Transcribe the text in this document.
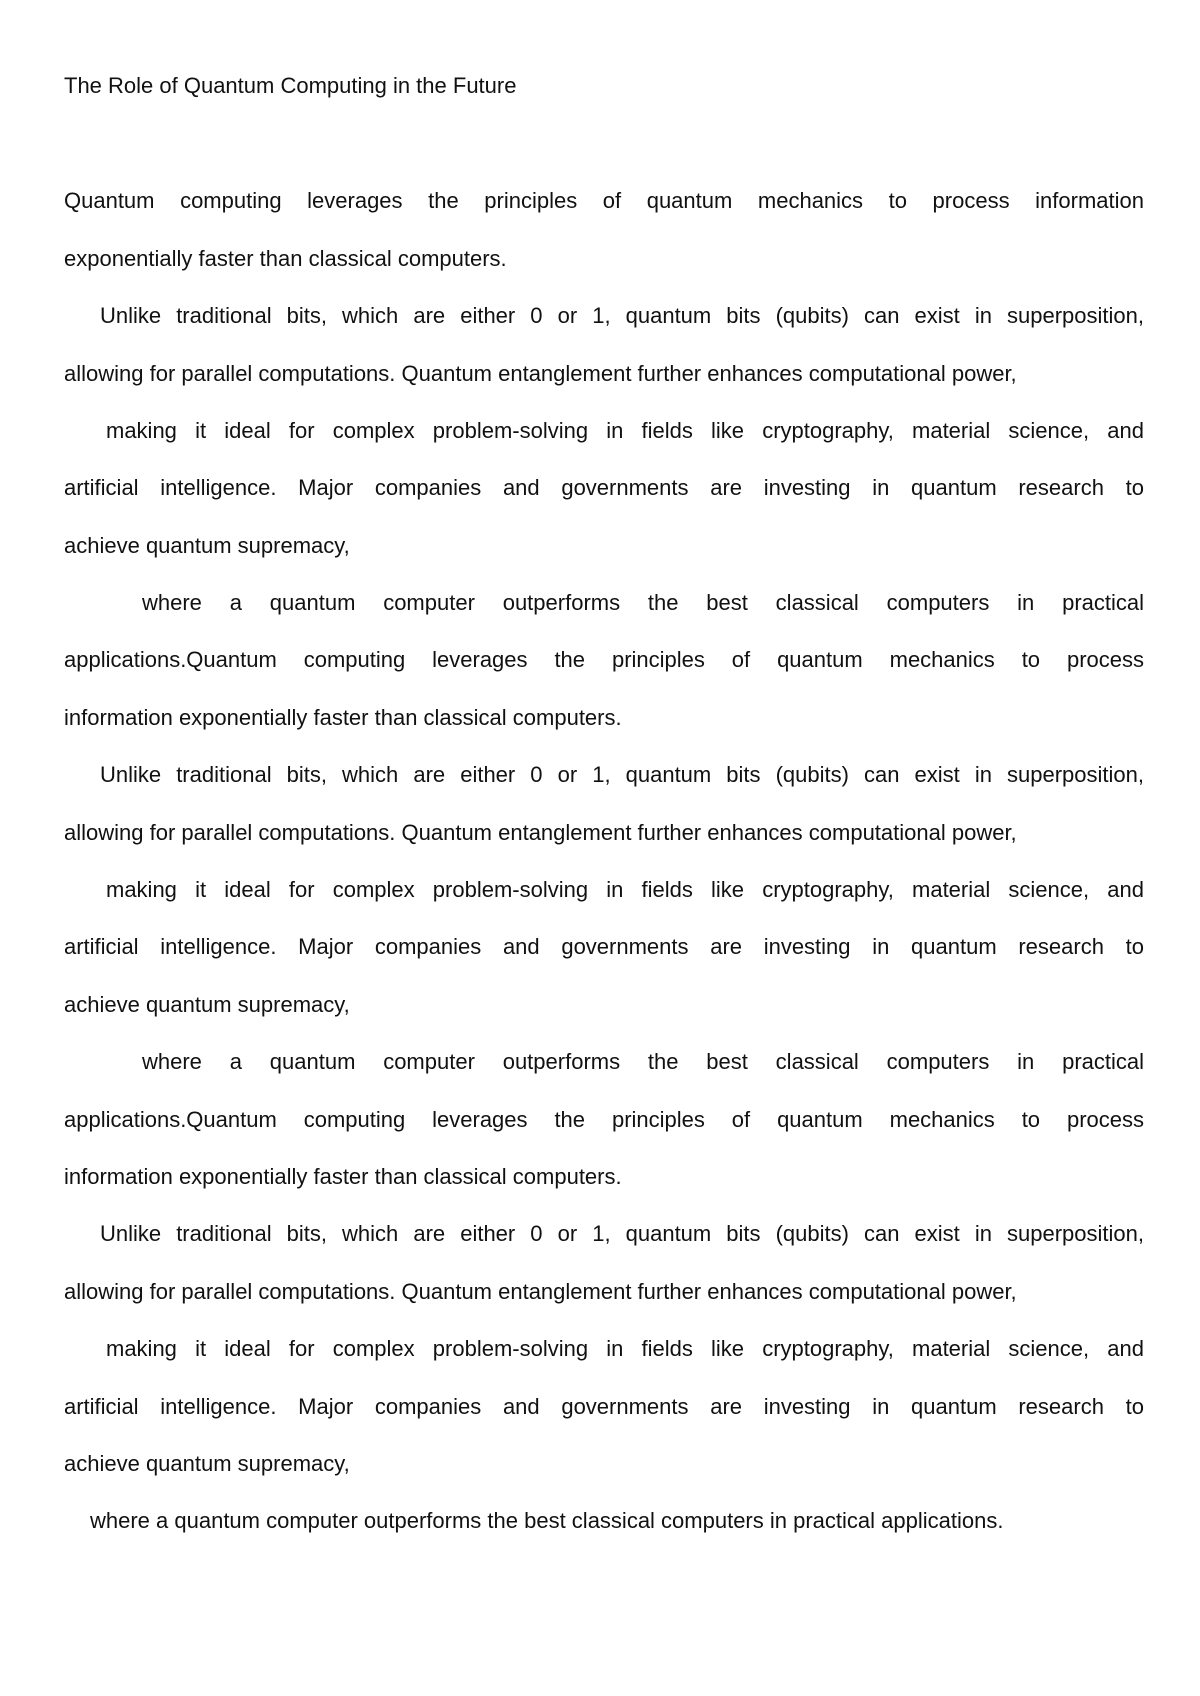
The Role of Quantum Computing in the Future
Quantum computing leverages the principles of quantum mechanics to process information
exponentially faster than classical computers.
Unlike traditional bits, which are either 0 or 1, quantum bits (qubits) can exist in superposition,
allowing for parallel computations. Quantum entanglement further enhances computational power,
making it ideal for complex problem-solving in fields like cryptography, material science, and
artificial intelligence. Major companies and governments are investing in quantum research to
achieve quantum supremacy,
where a quantum computer outperforms the best classical computers in practical
applications.Quantum computing leverages the principles of quantum mechanics to process
information exponentially faster than classical computers.
Unlike traditional bits, which are either 0 or 1, quantum bits (qubits) can exist in superposition,
allowing for parallel computations. Quantum entanglement further enhances computational power,
making it ideal for complex problem-solving in fields like cryptography, material science, and
artificial intelligence. Major companies and governments are investing in quantum research to
achieve quantum supremacy,
where a quantum computer outperforms the best classical computers in practical
applications.Quantum computing leverages the principles of quantum mechanics to process
information exponentially faster than classical computers.
Unlike traditional bits, which are either 0 or 1, quantum bits (qubits) can exist in superposition,
allowing for parallel computations. Quantum entanglement further enhances computational power,
making it ideal for complex problem-solving in fields like cryptography, material science, and
artificial intelligence. Major companies and governments are investing in quantum research to
achieve quantum supremacy,
where a quantum computer outperforms the best classical computers in practical applications.
